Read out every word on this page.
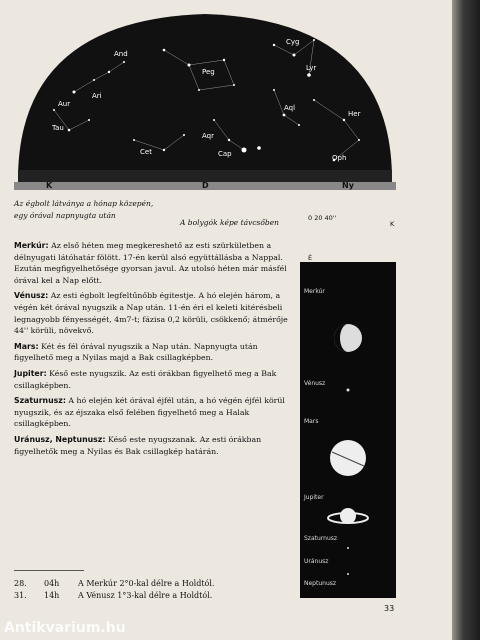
Cyg
And
Peg	Lyr
Aur
Ari
Aql
Her
Tau
Aqr
Cap	Oph
Cet
K	D	Ny
Az égbolt látványa a hónap közepén,
egy órával napnyugta után
A bolygók képe távcsőben

Merkúr: Az első héten meg megkereshető az esti szürkületben a délnyugati látóhatár fölött. 17-én kerül alsó együttállásba a Nappal. Ezután megfigyelhetősége gyorsan javul. Az utolsó héten már másfél órával kel a Nap előtt.

Vénusz: Az esti égbolt legfeltűnőbb égitestje. A hó elején három, a végén két órával nyugszik a Nap után. 11-én éri el keleti kitérésbeli legnagyobb fényességét, 4m7-t; fázisa 0,2 körüli, csökkenő; átmérője 44'' körüli, növekvő.

Mars: Két és fél órával nyugszik a Nap után. Napnyugta után figyelhető meg a Nyilas majd a Bak csillagképben.

Jupiter: Késő este nyugszik. Az esti órákban figyelhető meg a Bak csillagképben.

Szaturnusz: A hó elején két órával éjfél után, a hó végén éjfél körül nyugszik, és az éjszaka első felében figyelhető meg a Halak csillagképben.

Uránusz, Neptunusz: Késő este nyugszanak. Az esti órákban figyelhetők meg a Nyilas és Bak csillagkép határán.

0 20 40''
K
É
Merkúr
Vénusz
Mars
Jupiter
Szaturnusz
Uránusz
Neptunusz
28.	04h	A Merkúr 2°0-kal délre a Holdtól.
31.	14h	A Vénusz 1°3-kal délre a Holdtól.
33
Antikvarium.hu
